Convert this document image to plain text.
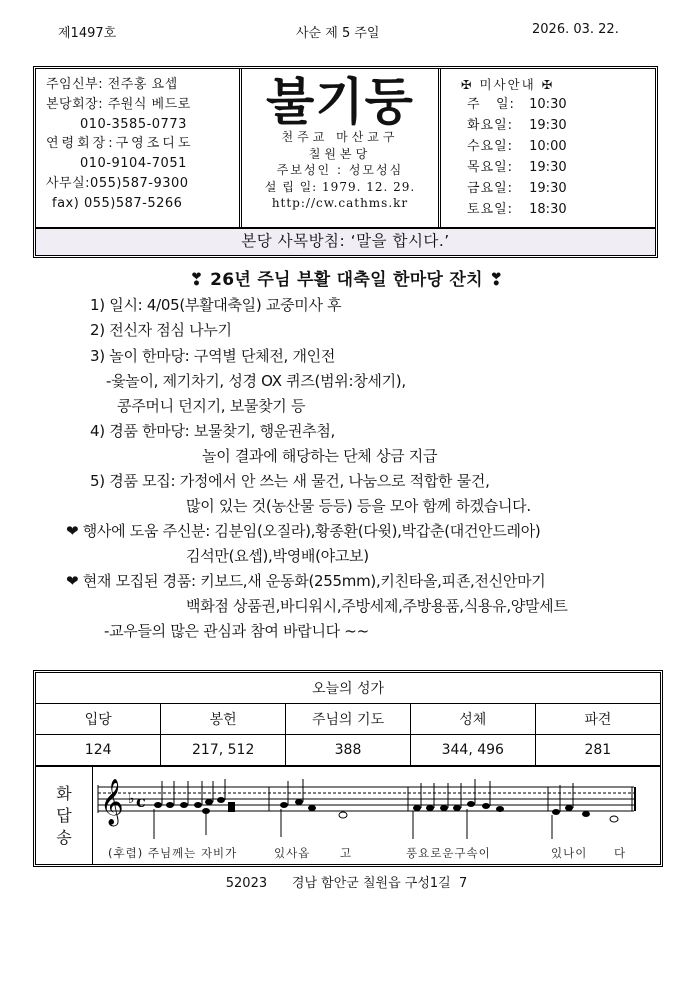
제1497호	사순 제 5 주일	2026. 03. 22.
주임신부: 전주홍 요셉
본당회장: 주원식 베드로
010-3585-0773
연령회장:구영조디도
010-9104-7051
사무실:055)587-9300
fax) 055)587-5266
불기둥
천주교 마산교구
칠원본당
주보성인 : 성모성심
설 립 일: 1979. 12. 29.
http://cw.cathms.kr
✠ 미사안내 ✠
주   일: 10:30
화요일: 19:30
수요일: 10:00
목요일: 19:30
금요일: 19:30
토요일: 18:30
본당 사목방침: ‘말을 합시다.’
❣ 26년 주님 부활 대축일 한마당 잔치 ❣
1) 일시: 4/05(부활대축일) 교중미사 후
2) 전신자 점심 나누기
3) 놀이 한마당: 구역별 단체전, 개인전
-윷놀이, 제기차기, 성경 OX 퀴즈(범위:창세기),
콩주머니 던지기, 보물찾기 등
4) 경품 한마당: 보물찾기, 행운권추첨,
놀이 결과에 해당하는 단체 상금 지급
5) 경품 모집: 가정에서 안 쓰는 새 물건, 나눔으로 적합한 물건,
많이 있는 것(농산물 등등) 등을 모아 함께 하겠습니다.
❤ 행사에 도움 주신분: 김분임(오질라),황종환(다윗),박갑춘(대건안드레아)
김석만(요셉),박영배(야고보)
❤ 현재 모집된 경품: 키보드,새 운동화(255mm),키친타올,피죤,전신안마기
백화점 상품권,바디워시,주방세제,주방용품,식용유,양말세트
-교우들의 많은 관심과 참여 바랍니다 ~~
오늘의 성가				
입당	봉헌	주님의 기도	성체	파견
124	217, 512	388	344, 496	281
화
답
송
𝄞 ♭ c
(후렴) 주님께는 자비가	있사옵	고	풍요로운구속이	있나이 다
52023      경남 함안군 칠원읍 구성1길  7
